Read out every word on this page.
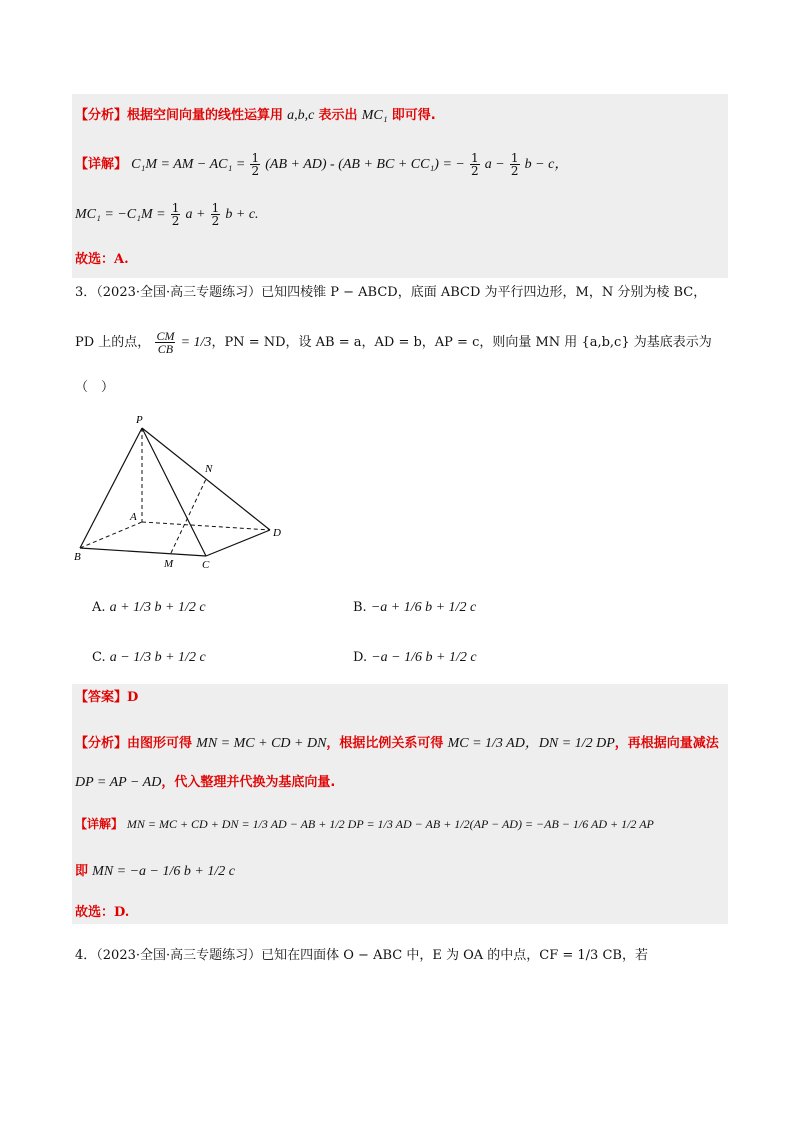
【分析】根据空间向量的线性运算用 a,b,c 表示出 MC₁ 即可得.
【详解】 C₁M = AM − $AC_1 = \frac{1}{2} (AB + AD) - (AB$ + BC + CC₁) = − $\frac{1}{2}$ $a - \frac{1}{2}$ b − c，
$MC_1 = -C_1M = \frac{1}{2}$ $a + \frac{1}{2}$ b + c.
故选：A.
3．（2023·全国·高三专题练习）已知四棱锥 P − ABCD，底面 ABCD 为平行四边形，M，N 分别为棱 BC，
PD 上的点， $\frac{CM}{CB} = 1/3$，PN = ND，设 AB = a，AD = b，AP = c，则向量 MN 用 {a,b,c} 为基底表示为
（　）
P
N
A
D
B
M	C
A. a + 1/3 b + 1/2 c	B. −a + 1/6 b + 1/2 c
C. a − 1/3 b + 1/2 c	D. −a − 1/6 b + 1/2 c
【答案】D
【分析】由图形可得 MN = MC + CD + DN，根据比例关系可得 MC = 1/3 AD，DN = 1/2 DP，再根据向量减法
DP = AP − AD，代入整理并代换为基底向量.
【详解】 MN = MC + CD + DN = 1/3 AD − AB + 1/2 DP = 1/3 AD − AB + 1/2(AP − AD) = −AB − 1/6 AD + 1/2 AP
即 MN = −a − 1/6 b + 1/2 c
故选：D.
4．（2023·全国·高三专题练习）已知在四面体 O − ABC 中，E 为 OA 的中点，CF = 1/3 CB，若
